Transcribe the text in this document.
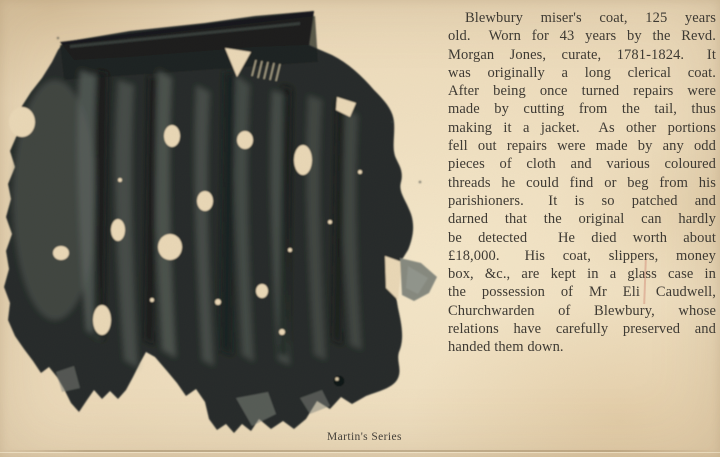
Blewbury miser's coat, 125 years
old.  Worn for 43 years by the Revd.
Morgan Jones, curate, 1781-1824.  It
was originally a long clerical coat.
After being once turned repairs were
made by cutting from the tail, thus
making it a jacket.  As other portions
fell out repairs were made by any odd
pieces of cloth and various coloured
threads he could find or beg from his
parishioners.  It is so patched and
darned that the original can hardly
be detected  He died worth about
£18,000.  His coat, slippers, money
box, &c., are kept in a glass case in
the possession of Mr Eli Caudwell,
Churchwarden of Blewbury, whose
relations have carefully preserved and
handed them down.
Martin's Series
